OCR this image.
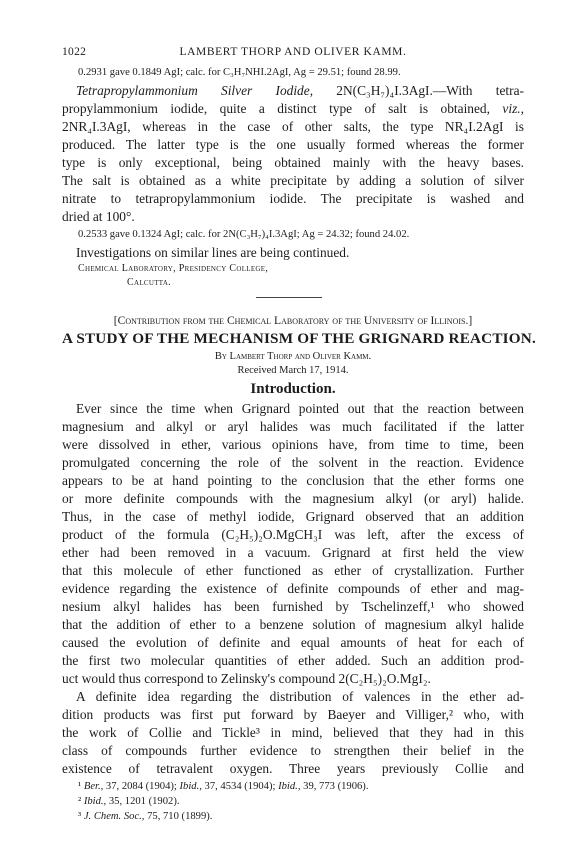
1022	LAMBERT THORP AND OLIVER KAMM.
0.2931 gave 0.1849 AgI; calc. for C₃H₇NHI.2AgI, Ag = 29.51; found 28.99.
Tetrapropylammonium Silver Iodide, 2N(C₃H₇)₄I.3AgI.—With tetra-
propylammonium iodide, quite a distinct type of salt is obtained, viz.,
2NR₄I.3AgI, whereas in the case of other salts, the type NR₄I.2AgI is
produced. The latter type is the one usually formed whereas the former
type is only exceptional, being obtained mainly with the heavy bases.
The salt is obtained as a white precipitate by adding a solution of silver
nitrate to tetrapropylammonium iodide. The precipitate is washed and
dried at 100°.
0.2533 gave 0.1324 AgI; calc. for 2N(C₃H₇)₄I.3AgI; Ag = 24.32; found 24.02.
Investigations on similar lines are being continued.
Chemical Laboratory, Presidency College,
Calcutta.
[Contribution from the Chemical Laboratory of the University of Illinois.]
A STUDY OF THE MECHANISM OF THE GRIGNARD REACTION.
By Lambert Thorp and Oliver Kamm.
Received March 17, 1914.
Introduction.
Ever since the time when Grignard pointed out that the reaction between
magnesium and alkyl or aryl halides was much facilitated if the latter
were dissolved in ether, various opinions have, from time to time, been
promulgated concerning the role of the solvent in the reaction. Evidence
appears to be at hand pointing to the conclusion that the ether forms one
or more definite compounds with the magnesium alkyl (or aryl) halide.
Thus, in the case of methyl iodide, Grignard observed that an addition
product of the formula (C₂H₅)₂O.MgCH₃I was left, after the excess of
ether had been removed in a vacuum. Grignard at first held the view
that this molecule of ether functioned as ether of crystallization. Further
evidence regarding the existence of definite compounds of ether and mag-
nesium alkyl halides has been furnished by Tschelinzeff,¹ who showed
that the addition of ether to a benzene solution of magnesium alkyl halide
caused the evolution of definite and equal amounts of heat for each of
the first two molecular quantities of ether added. Such an addition prod-
uct would thus correspond to Zelinsky's compound 2(C₂H₅)₂O.MgI₂.
A definite idea regarding the distribution of valences in the ether ad-
dition products was first put forward by Baeyer and Villiger,² who, with
the work of Collie and Tickle³ in mind, believed that they had in this
class of compounds further evidence to strengthen their belief in the
existence of tetravalent oxygen. Three years previously Collie and
¹ Ber., 37, 2084 (1904); Ibid., 37, 4534 (1904); Ibid., 39, 773 (1906).
² Ibid., 35, 1201 (1902).
³ J. Chem. Soc., 75, 710 (1899).
